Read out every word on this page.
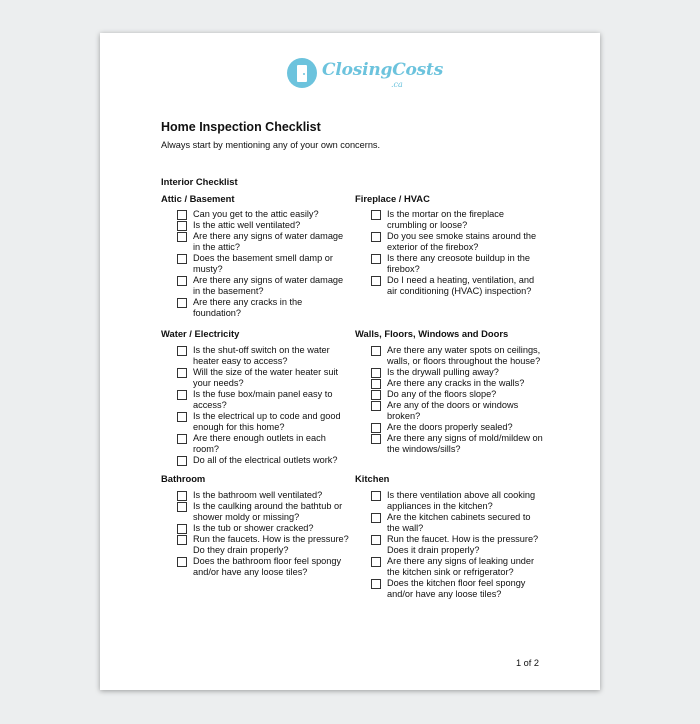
ClosingCosts
.ca
Home Inspection Checklist
Always start by mentioning any of your own concerns.
Interior Checklist
Attic / Basement
Can you get to the attic easily?
Is the attic well ventilated?
Are there any signs of water damage in the attic?
Does the basement smell damp or musty?
Are there any signs of water damage in the basement?
Are there any cracks in the foundation?
Water / Electricity
Is the shut-off switch on the water heater easy to access?
Will the size of the water heater suit your needs?
Is the fuse box/main panel easy to access?
Is the electrical up to code and good enough for this home?
Are there enough outlets in each room?
Do all of the electrical outlets work?
Bathroom
Is the bathroom well ventilated?
Is the caulking around the bathtub or shower moldy or missing?
Is the tub or shower cracked?
Run the faucets. How is the pressure? Do they drain properly?
Does the bathroom floor feel spongy and/or have any loose tiles?
Fireplace / HVAC
Is the mortar on the fireplace crumbling or loose?
Do you see smoke stains around the exterior of the firebox?
Is there any creosote buildup in the firebox?
Do I need a heating, ventilation, and air conditioning (HVAC) inspection?
Walls, Floors, Windows and Doors
Are there any water spots on ceilings, walls, or floors throughout the house?
Is the drywall pulling away?
Are there any cracks in the walls?
Do any of the floors slope?
Are any of the doors or windows broken?
Are the doors properly sealed?
Are there any signs of mold/mildew on the windows/sills?
Kitchen
Is there ventilation above all cooking appliances in the kitchen?
Are the kitchen cabinets secured to the wall?
Run the faucet. How is the pressure? Does it drain properly?
Are there any signs of leaking under the kitchen sink or refrigerator?
Does the kitchen floor feel spongy and/or have any loose tiles?
1 of 2
